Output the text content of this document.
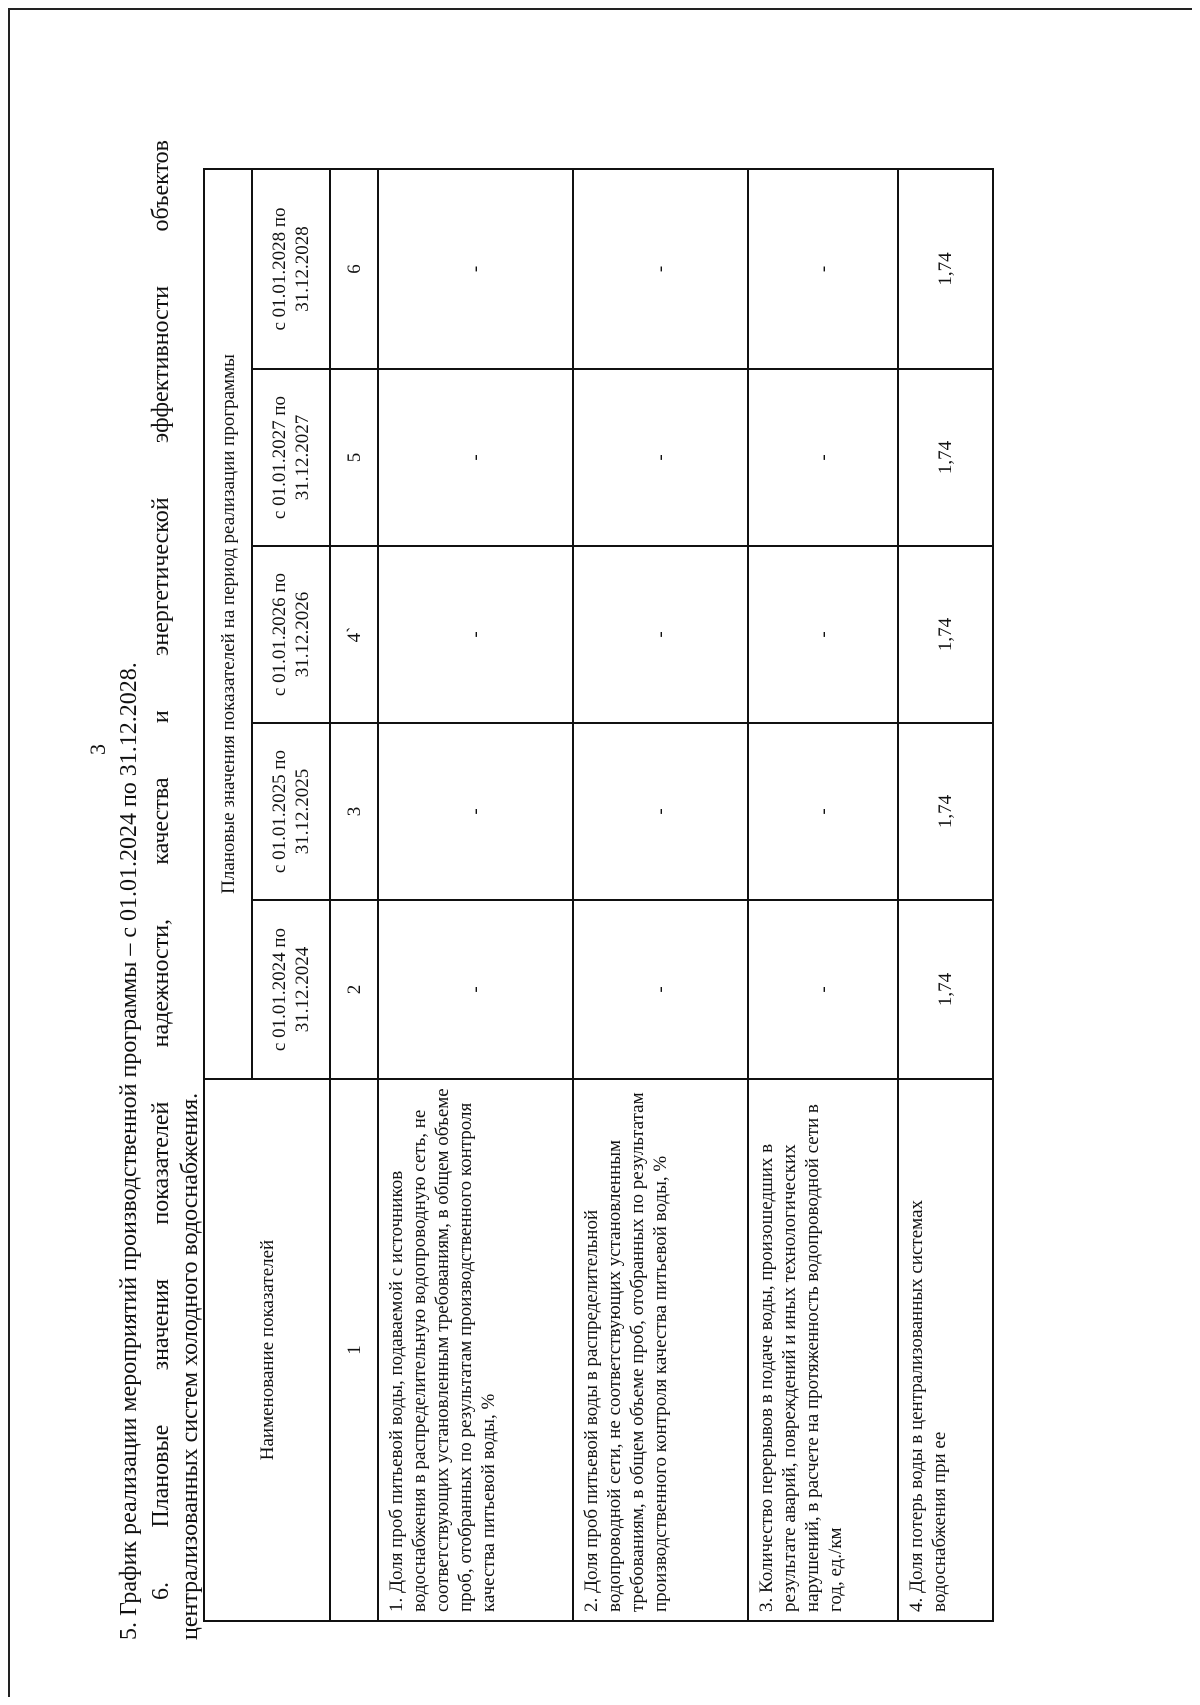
3 5. График реализации мероприятий производственной программы – с 01.01.2024 по 31.12.2028. 6. Плановые значения показателей надежности, качества и энергетической эффективности объектов централизованных систем холодного водоснабжения.	Наименование показателей	Плановые значения показателей на период реализации программы				
	с 01.01.2024 по 31.12.2024	с 01.01.2025 по 31.12.2025	с 01.01.2026 по 31.12.2026	с 01.01.2027 по 31.12.2027	с 01.01.2028 по 31.12.2028
1	2	3	4`	5	6
1. Доля проб питьевой воды, подаваемой с источников водоснабжения в распределительную водопроводную сеть, не соответствующих установленным требованиям, в общем объеме проб, отобранных по результатам производственного контроля качества питьевой воды, %	-	-	-	-	-
2. Доля проб питьевой воды в распределительной водопроводной сети, не соответствующих установленным требованиям, в общем объеме проб, отобранных по результатам производственного контроля качества питьевой воды, %	-	-	-	-	-
3. Количество перерывов в подаче воды, произошедших в результате аварий, повреждений и иных технологических нарушений, в расчете на протяженность водопроводной сети в год, ед./км	-	-	-	-	-
4. Доля потерь воды в централизованных системах водоснабжения при ее	1,74	1,74	1,74	1,74	1,74
